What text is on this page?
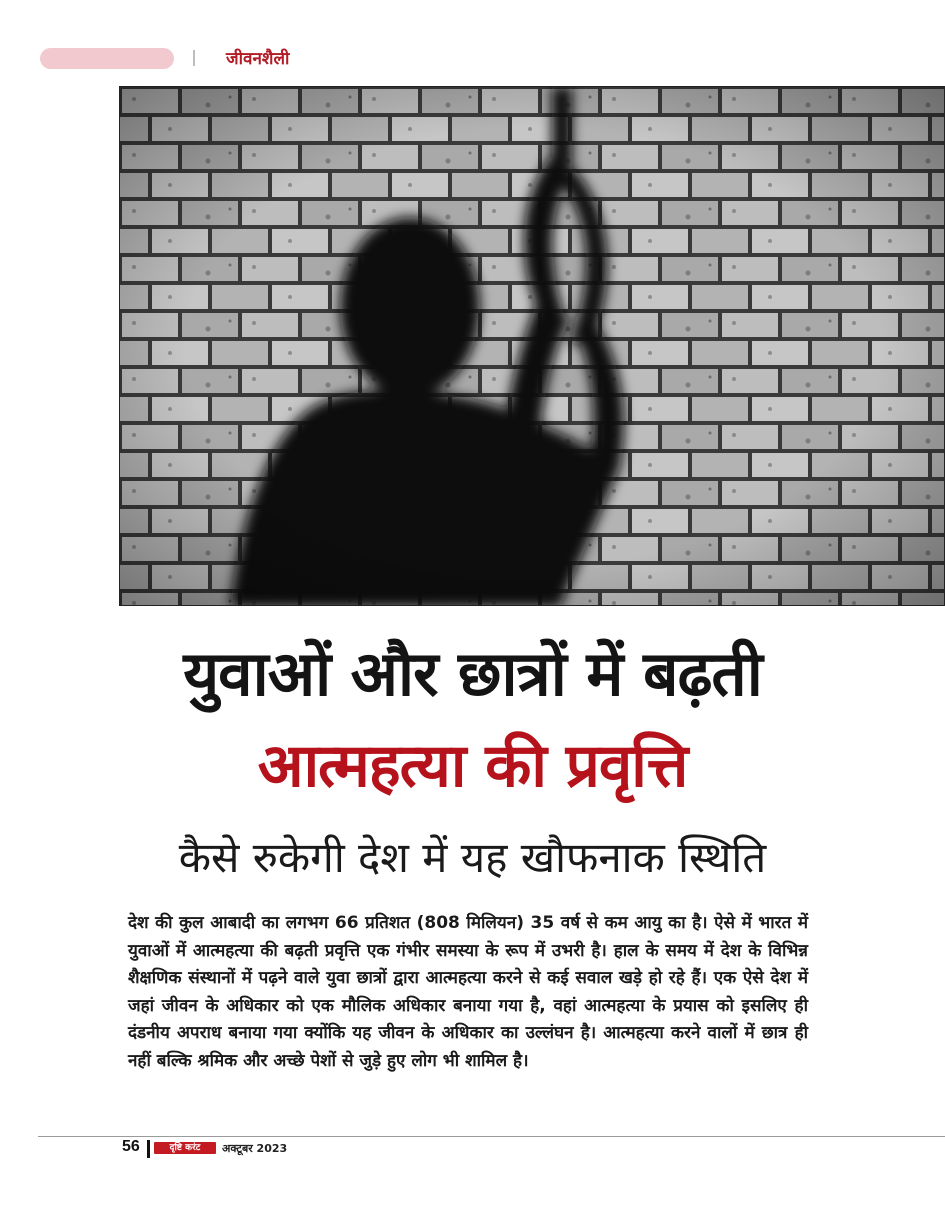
जीवनशैली
युवाओं और छात्रों में बढ़ती
आत्महत्या की प्रवृत्ति
कैसे रुकेगी देश में यह खौफनाक स्थिति
देश की कुल आबादी का लगभग 66 प्रतिशत (808 मिलियन) 35 वर्ष से कम आयु का है। ऐसे में भारत में युवाओं में आत्महत्या की बढ़ती प्रवृत्ति एक गंभीर समस्या के रूप में उभरी है। हाल के समय में देश के विभिन्न शैक्षणिक संस्थानों में पढ़ने वाले युवा छात्रों द्वारा आत्महत्या करने से कई सवाल खड़े हो रहे हैं। एक ऐसे देश में जहां जीवन के अधिकार को एक मौलिक अधिकार बनाया गया है, वहां आत्महत्या के प्रयास को इसलिए ही दंडनीय अपराध बनाया गया क्योंकि यह जीवन के अधिकार का उल्लंघन है। आत्महत्या करने वालों में छात्र ही नहीं बल्कि श्रमिक और अच्छे पेशों से जुड़े हुए लोग भी शामिल है।
56	दृष्टि करंट	अक्टूबर 2023
